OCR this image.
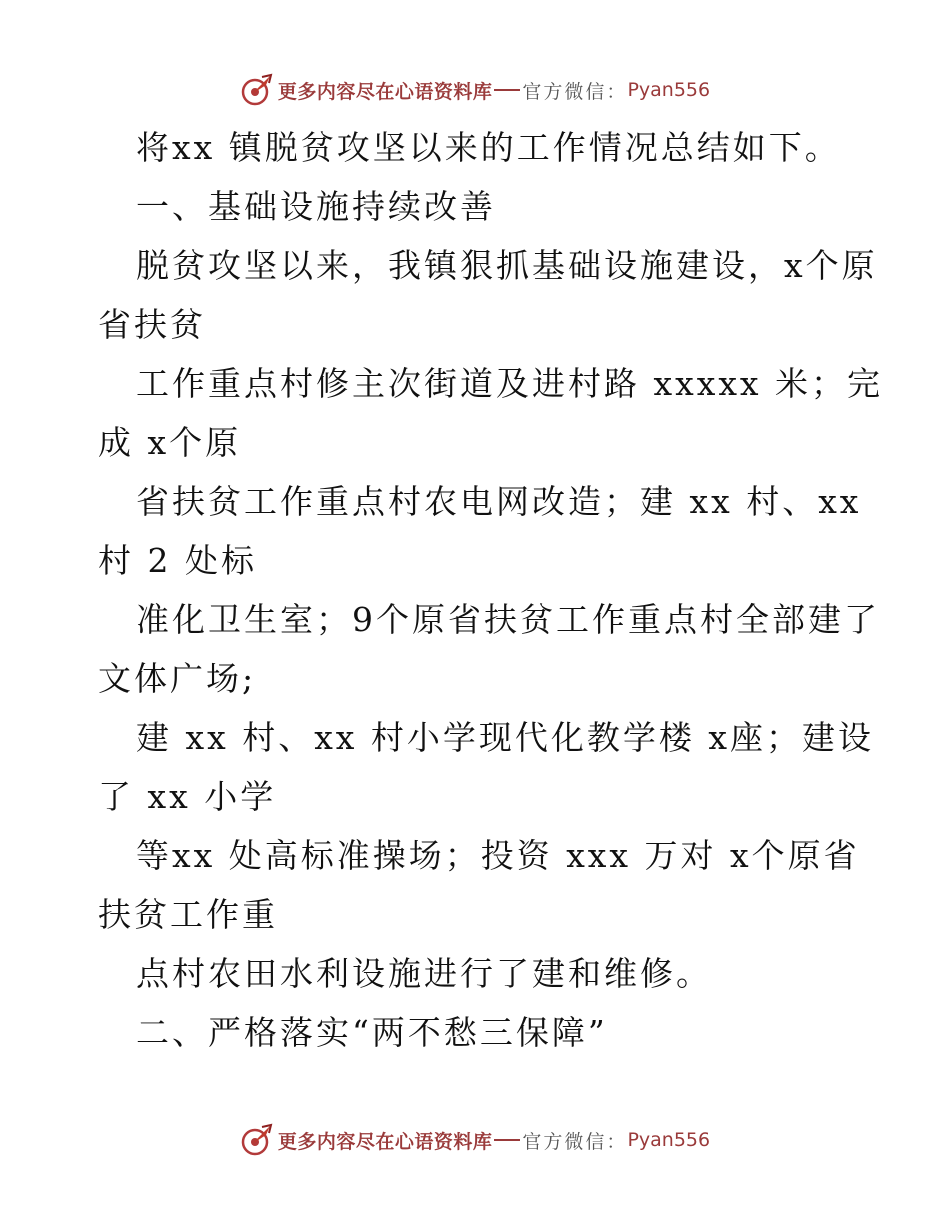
更多内容尽在心语资料库 官方微信： Pyan556
将xx 镇脱贫攻坚以来的工作情况总结如下。
一、基础设施持续改善
脱贫攻坚以来，我镇狠抓基础设施建设，x个原
省扶贫
工作重点村修主次街道及进村路 xxxxx 米；完
成 x个原
省扶贫工作重点村农电网改造；建 xx 村、xx
村 2 处标
准化卫生室；9个原省扶贫工作重点村全部建了
文体广场;
建 xx 村、xx 村小学现代化教学楼 x座；建设
了 xx 小学
等xx 处高标准操场；投资 xxx 万对 x个原省
扶贫工作重
点村农田水利设施进行了建和维修。
二、严格落实“两不愁三保障”
更多内容尽在心语资料库 官方微信： Pyan556
